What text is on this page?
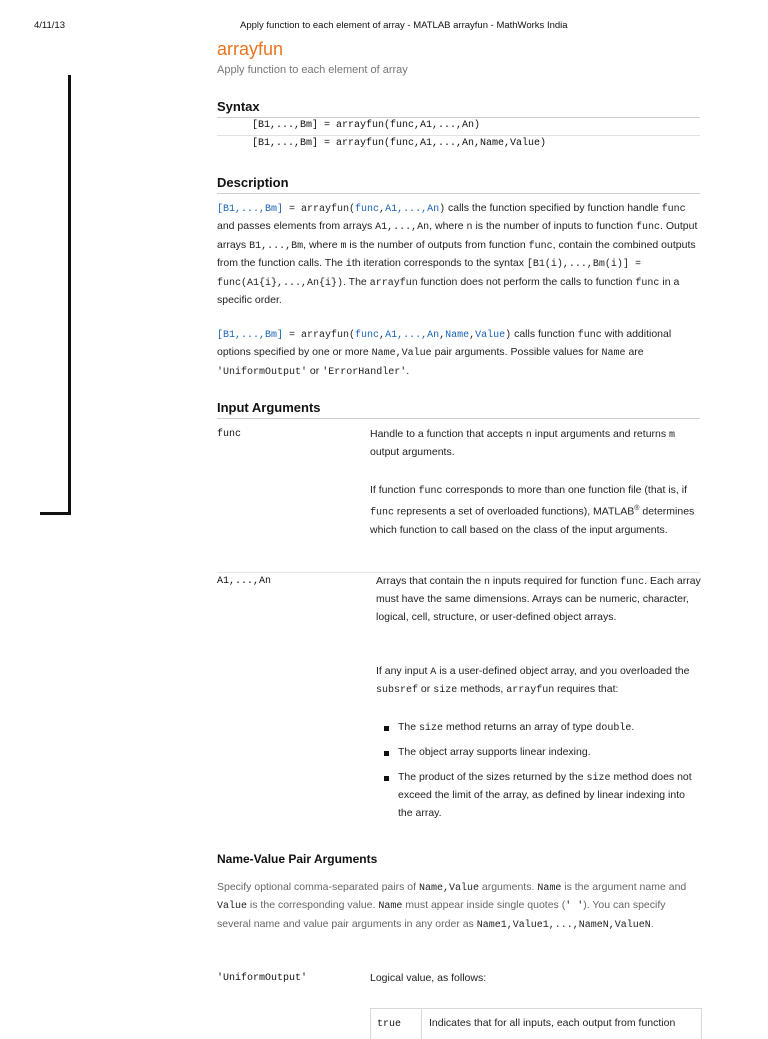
4/11/13	Apply function to each element of array - MATLAB arrayfun - MathWorks India
arrayfun
Apply function to each element of array
Syntax
[B1,...,Bm] = arrayfun(func,A1,...,An)
[B1,...,Bm] = arrayfun(func,A1,...,An,Name,Value)
Description
[B1,...,Bm] = arrayfun(func,A1,...,An) calls the function specified by function handle func and passes elements from arrays A1,...,An, where n is the number of inputs to function func. Output arrays B1,...,Bm, where m is the number of outputs from function func, contain the combined outputs from the function calls. The ith iteration corresponds to the syntax [B1(i),...,Bm(i)] = func(A1{i},...,An{i}). The arrayfun function does not perform the calls to function func in a specific order.
[B1,...,Bm] = arrayfun(func,A1,...,An,Name,Value) calls function func with additional options specified by one or more Name,Value pair arguments. Possible values for Name are 'UniformOutput' or 'ErrorHandler'.
Input Arguments
func	Handle to a function that accepts n input arguments and returns m output arguments.
If function func corresponds to more than one function file (that is, if func represents a set of overloaded functions), MATLAB® determines which function to call based on the class of the input arguments.
A1,...,An	Arrays that contain the n inputs required for function func. Each array must have the same dimensions. Arrays can be numeric, character, logical, cell, structure, or user-defined object arrays.
If any input A is a user-defined object array, and you overloaded the subsref or size methods, arrayfun requires that:
The size method returns an array of type double.
The object array supports linear indexing.
The product of the sizes returned by the size method does not exceed the limit of the array, as defined by linear indexing into the array.
Name-Value Pair Arguments
Specify optional comma-separated pairs of Name,Value arguments. Name is the argument name and Value is the corresponding value. Name must appear inside single quotes (' '). You can specify several name and value pair arguments in any order as Name1,Value1,...,NameN,ValueN.
'UniformOutput'	Logical value, as follows:
true	Indicates that for all inputs, each output from function
